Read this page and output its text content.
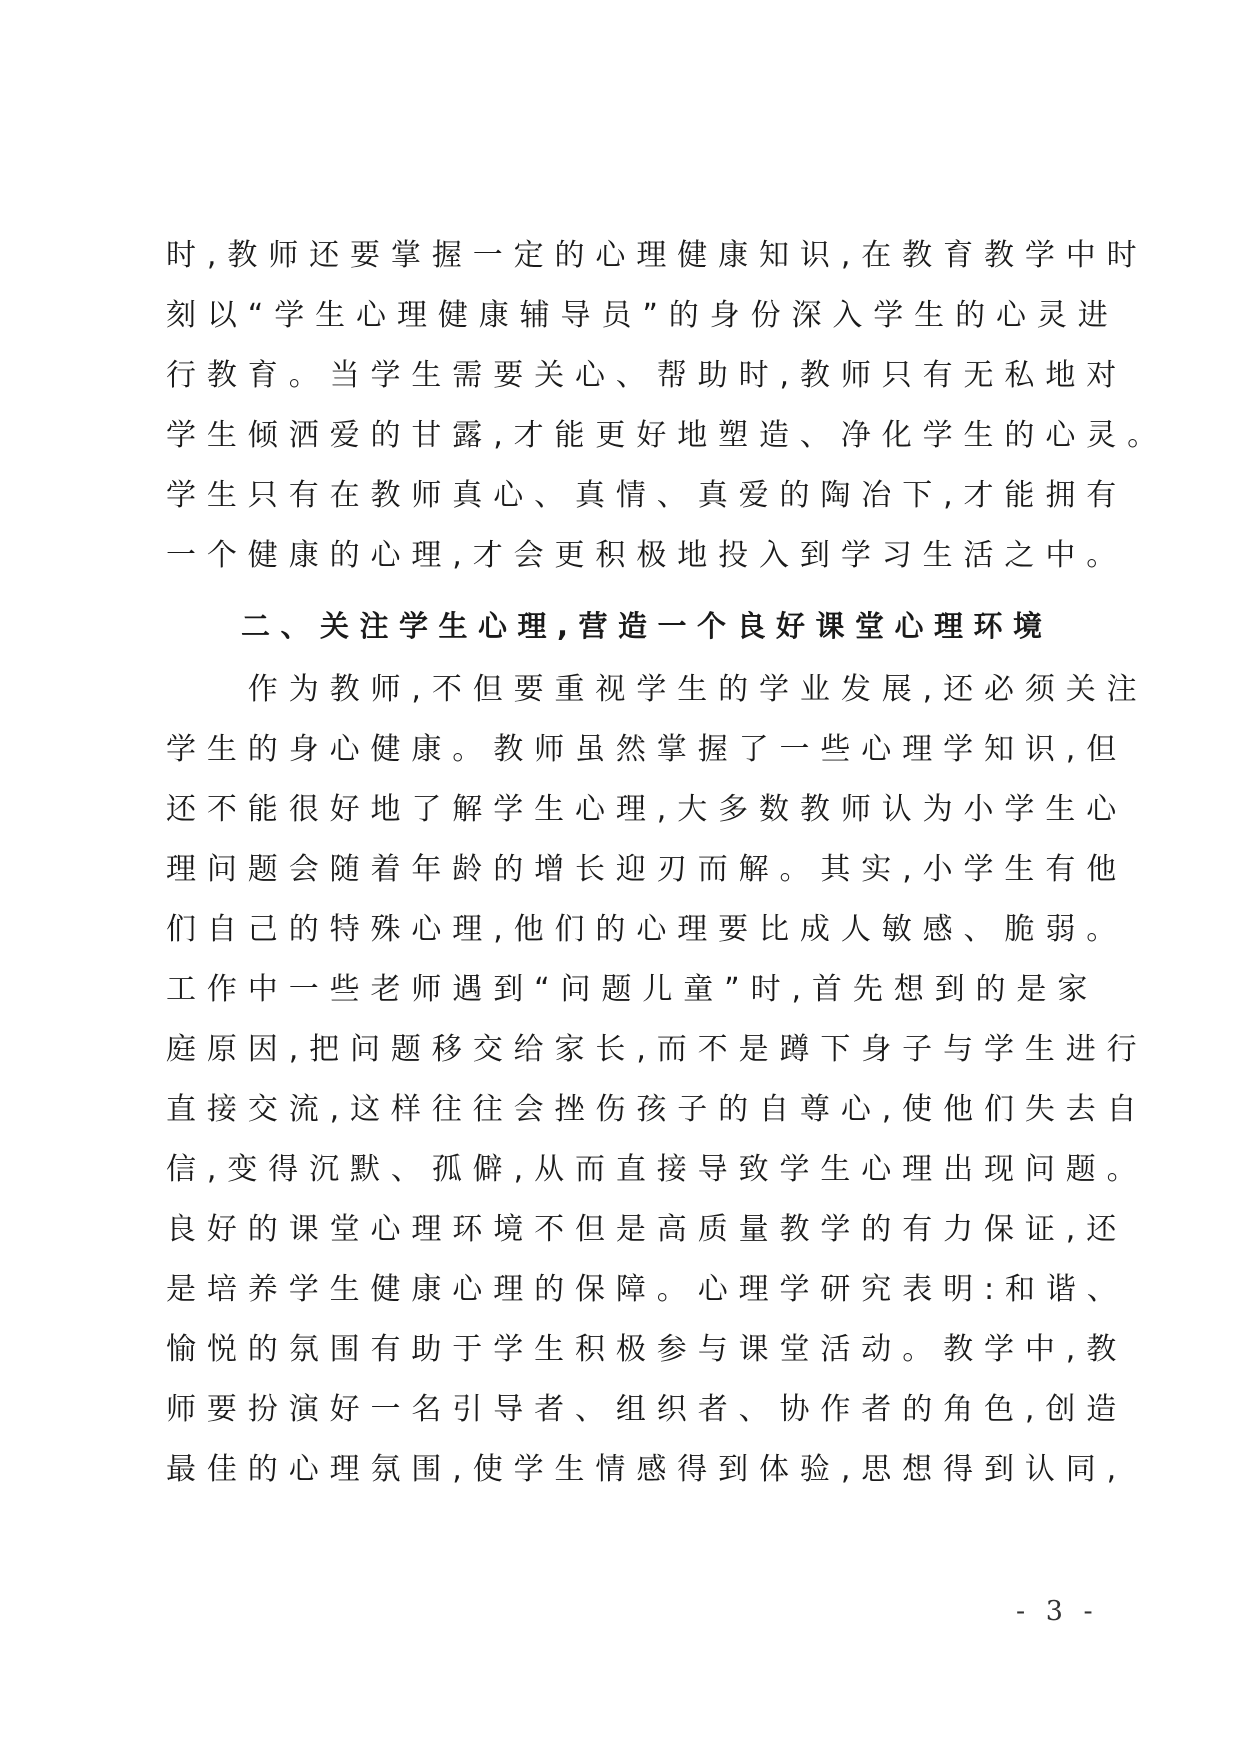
时,教师还要掌握一定的心理健康知识,在教育教学中时
刻以“学生心理健康辅导员”的身份深入学生的心灵进
行教育。当学生需要关心、帮助时,教师只有无私地对
学生倾洒爱的甘露,才能更好地塑造、净化学生的心灵。
学生只有在教师真心、真情、真爱的陶冶下,才能拥有
一个健康的心理,才会更积极地投入到学习生活之中。
二、关注学生心理,营造一个良好课堂心理环境
　　作为教师,不但要重视学生的学业发展,还必须关注
学生的身心健康。教师虽然掌握了一些心理学知识,但
还不能很好地了解学生心理,大多数教师认为小学生心
理问题会随着年龄的增长迎刃而解。其实,小学生有他
们自己的特殊心理,他们的心理要比成人敏感、脆弱。
工作中一些老师遇到“问题儿童”时,首先想到的是家
庭原因,把问题移交给家长,而不是蹲下身子与学生进行
直接交流,这样往往会挫伤孩子的自尊心,使他们失去自
信,变得沉默、孤僻,从而直接导致学生心理出现问题。
良好的课堂心理环境不但是高质量教学的有力保证,还
是培养学生健康心理的保障。心理学研究表明:和谐、
愉悦的氛围有助于学生积极参与课堂活动。教学中,教
师要扮演好一名引导者、组织者、协作者的角色,创造
最佳的心理氛围,使学生情感得到体验,思想得到认同,
- 3 -
